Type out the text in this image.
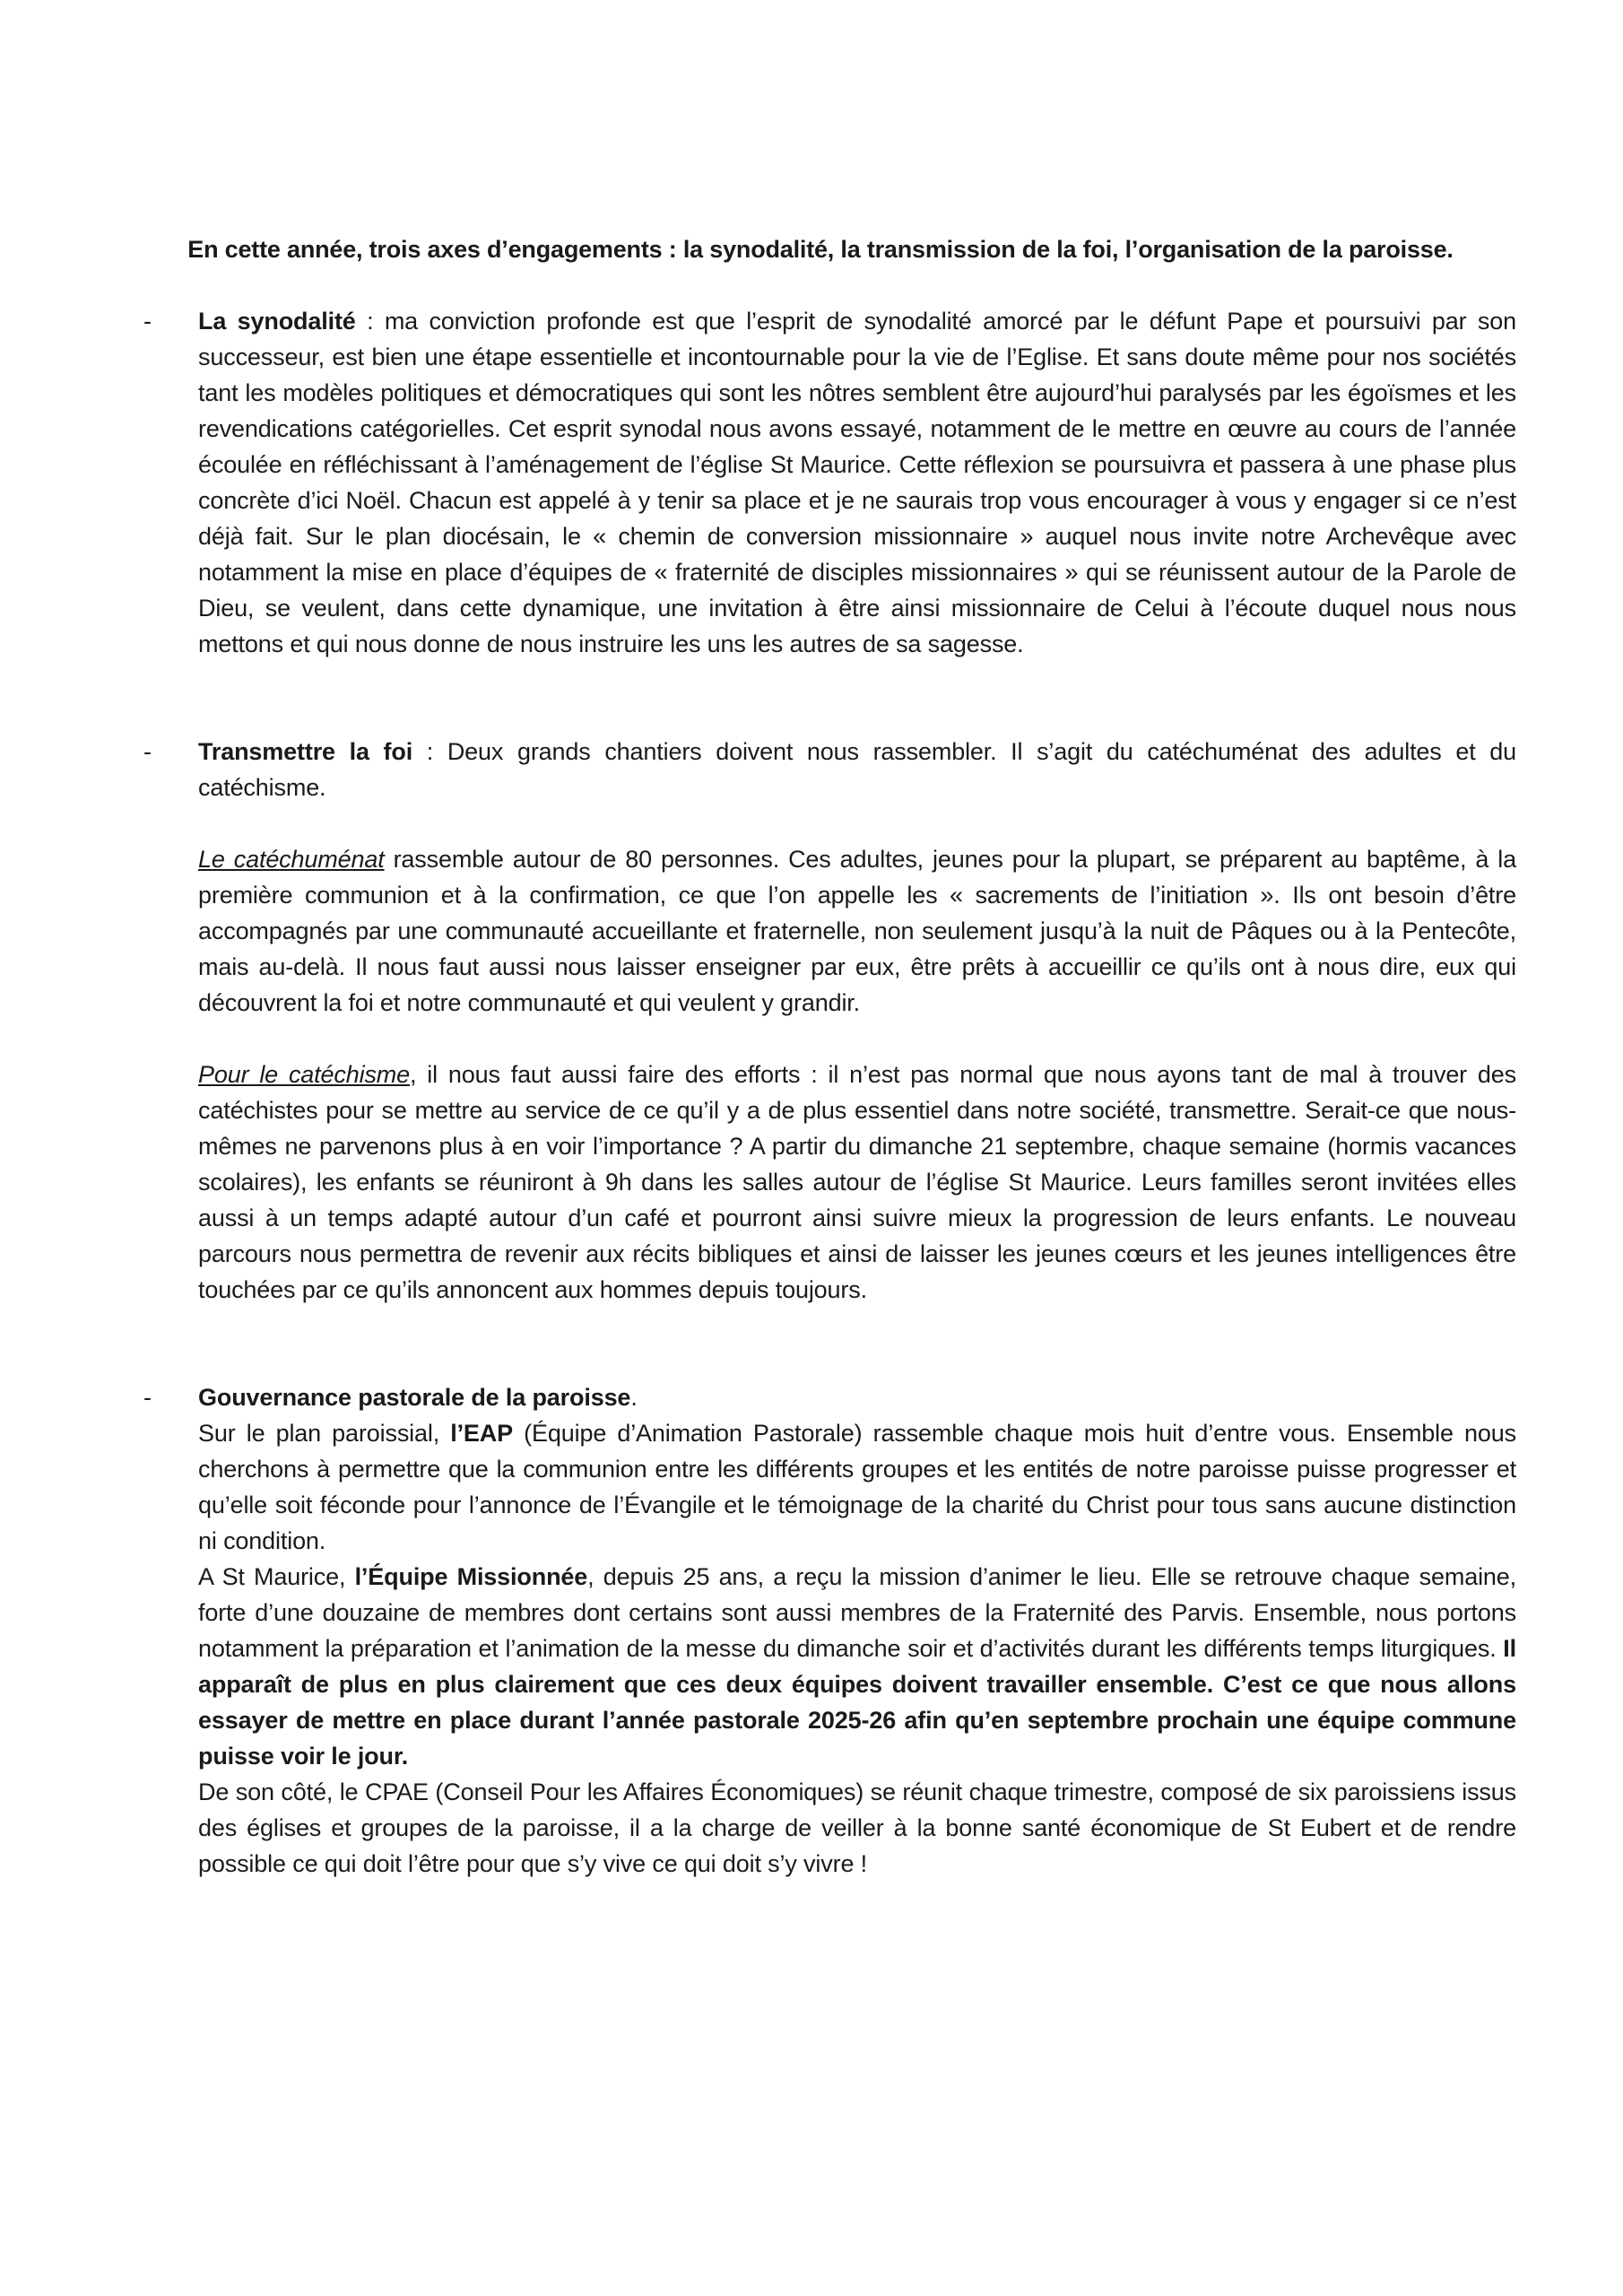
En cette année, trois axes d’engagements : la synodalité, la transmission de la foi, l’organisation de la paroisse.

- La synodalité : ma conviction profonde est que l’esprit de synodalité amorcé par le défunt Pape et poursuivi par son successeur, est bien une étape essentielle et incontournable pour la vie de l’Eglise. Et sans doute même pour nos sociétés tant les modèles politiques et démocratiques qui sont les nôtres semblent être aujourd’hui paralysés par les égoïsmes et les revendications catégorielles. Cet esprit synodal nous avons essayé, notamment de le mettre en œuvre au cours de l’année écoulée en réfléchissant à l’aménagement de l’église St Maurice. Cette réflexion se poursuivra et passera à une phase plus concrète d’ici Noël. Chacun est appelé à y tenir sa place et je ne saurais trop vous encourager à vous y engager si ce n’est déjà fait. Sur le plan diocésain, le « chemin de conversion missionnaire » auquel nous invite notre Archevêque avec notamment la mise en place d’équipes de « fraternité de disciples missionnaires » qui se réunissent autour de la Parole de Dieu, se veulent, dans cette dynamique, une invitation à être ainsi missionnaire de Celui à l’écoute duquel nous nous mettons et qui nous donne de nous instruire les uns les autres de sa sagesse.

- Transmettre la foi : Deux grands chantiers doivent nous rassembler. Il s’agit du catéchuménat des adultes et du catéchisme.

Le catéchuménat rassemble autour de 80 personnes. Ces adultes, jeunes pour la plupart, se préparent au baptême, à la première communion et à la confirmation, ce que l’on appelle les « sacrements de l’initiation ». Ils ont besoin d’être accompagnés par une communauté accueillante et fraternelle, non seulement jusqu’à la nuit de Pâques ou à la Pentecôte, mais au-delà. Il nous faut aussi nous laisser enseigner par eux, être prêts à accueillir ce qu’ils ont à nous dire, eux qui découvrent la foi et notre communauté et qui veulent y grandir.

Pour le catéchisme, il nous faut aussi faire des efforts : il n’est pas normal que nous ayons tant de mal à trouver des catéchistes pour se mettre au service de ce qu’il y a de plus essentiel dans notre société, transmettre. Serait-ce que nous-mêmes ne parvenons plus à en voir l’importance ? A partir du dimanche 21 septembre, chaque semaine (hormis vacances scolaires), les enfants se réuniront à 9h dans les salles autour de l’église St Maurice. Leurs familles seront invitées elles aussi à un temps adapté autour d’un café et pourront ainsi suivre mieux la progression de leurs enfants. Le nouveau parcours nous permettra de revenir aux récits bibliques et ainsi de laisser les jeunes cœurs et les jeunes intelligences être touchées par ce qu’ils annoncent aux hommes depuis toujours.

- Gouvernance pastorale de la paroisse.

Sur le plan paroissial, l’EAP (Équipe d’Animation Pastorale) rassemble chaque mois huit d’entre vous. Ensemble nous cherchons à permettre que la communion entre les différents groupes et les entités de notre paroisse puisse progresser et qu’elle soit féconde pour l’annonce de l’Évangile et le témoignage de la charité du Christ pour tous sans aucune distinction ni condition.

A St Maurice, l’Équipe Missionnée, depuis 25 ans, a reçu la mission d’animer le lieu. Elle se retrouve chaque semaine, forte d’une douzaine de membres dont certains sont aussi membres de la Fraternité des Parvis. Ensemble, nous portons notamment la préparation et l’animation de la messe du dimanche soir et d’activités durant les différents temps liturgiques. Il apparaît de plus en plus clairement que ces deux équipes doivent travailler ensemble. C’est ce que nous allons essayer de mettre en place durant l’année pastorale 2025-26 afin qu’en septembre prochain une équipe commune puisse voir le jour.

De son côté, le CPAE (Conseil Pour les Affaires Économiques) se réunit chaque trimestre, composé de six paroissiens issus des églises et groupes de la paroisse, il a la charge de veiller à la bonne santé économique de St Eubert et de rendre possible ce qui doit l’être pour que s’y vive ce qui doit s’y vivre !
